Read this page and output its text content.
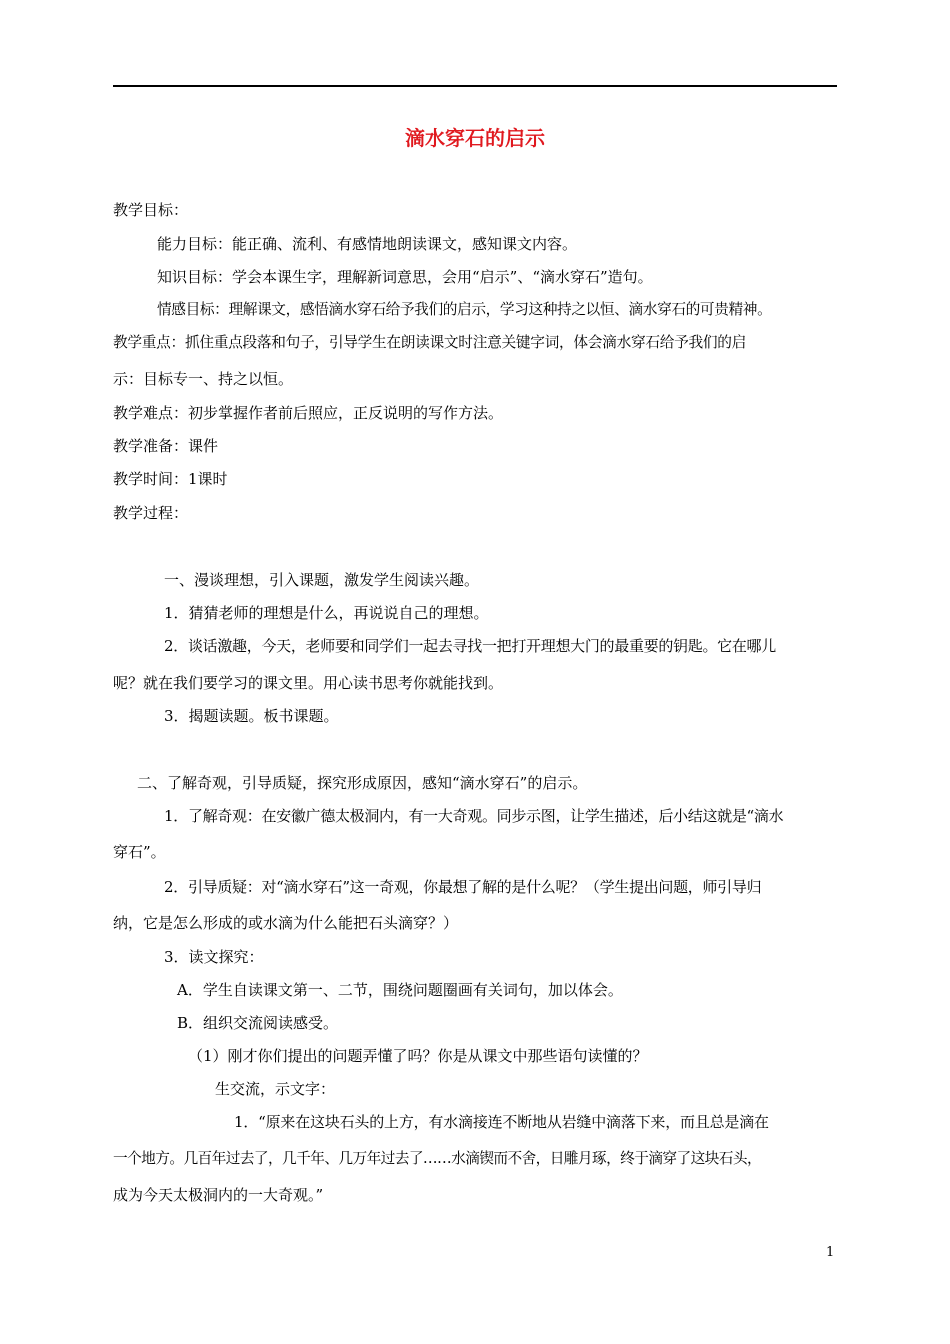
滴水穿石的启示
教学目标：
能力目标：能正确、流利、有感情地朗读课文，感知课文内容。
知识目标：学会本课生字，理解新词意思，会用“启示”、“滴水穿石”造句。
情感目标：理解课文，感悟滴水穿石给予我们的启示，学习这种持之以恒、滴水穿石的可贵精神。
教学重点：抓住重点段落和句子，引导学生在朗读课文时注意关键字词，体会滴水穿石给予我们的启
示：目标专一、持之以恒。
教学难点：初步掌握作者前后照应，正反说明的写作方法。
教学准备：课件
教学时间：1课时
教学过程：
一、漫谈理想，引入课题，激发学生阅读兴趣。
1．猜猜老师的理想是什么，再说说自己的理想。
2．谈话激趣，今天，老师要和同学们一起去寻找一把打开理想大门的最重要的钥匙。它在哪儿
呢？就在我们要学习的课文里。用心读书思考你就能找到。
3．揭题读题。板书课题。
二、了解奇观，引导质疑，探究形成原因，感知“滴水穿石”的启示。
1．了解奇观：在安徽广德太极洞内，有一大奇观。同步示图，让学生描述，后小结这就是“滴水
穿石”。
2．引导质疑：对“滴水穿石”这一奇观，你最想了解的是什么呢？（学生提出问题，师引导归
纳，它是怎么形成的或水滴为什么能把石头滴穿？）
3．读文探究：
A．学生自读课文第一、二节，围绕问题圈画有关词句，加以体会。
B．组织交流阅读感受。
（1）刚才你们提出的问题弄懂了吗？你是从课文中那些语句读懂的？
生交流，示文字：
1．“原来在这块石头的上方，有水滴接连不断地从岩缝中滴落下来，而且总是滴在
一个地方。几百年过去了，几千年、几万年过去了……水滴锲而不舍，日雕月琢，终于滴穿了这块石头，
成为今天太极洞内的一大奇观。”
1
